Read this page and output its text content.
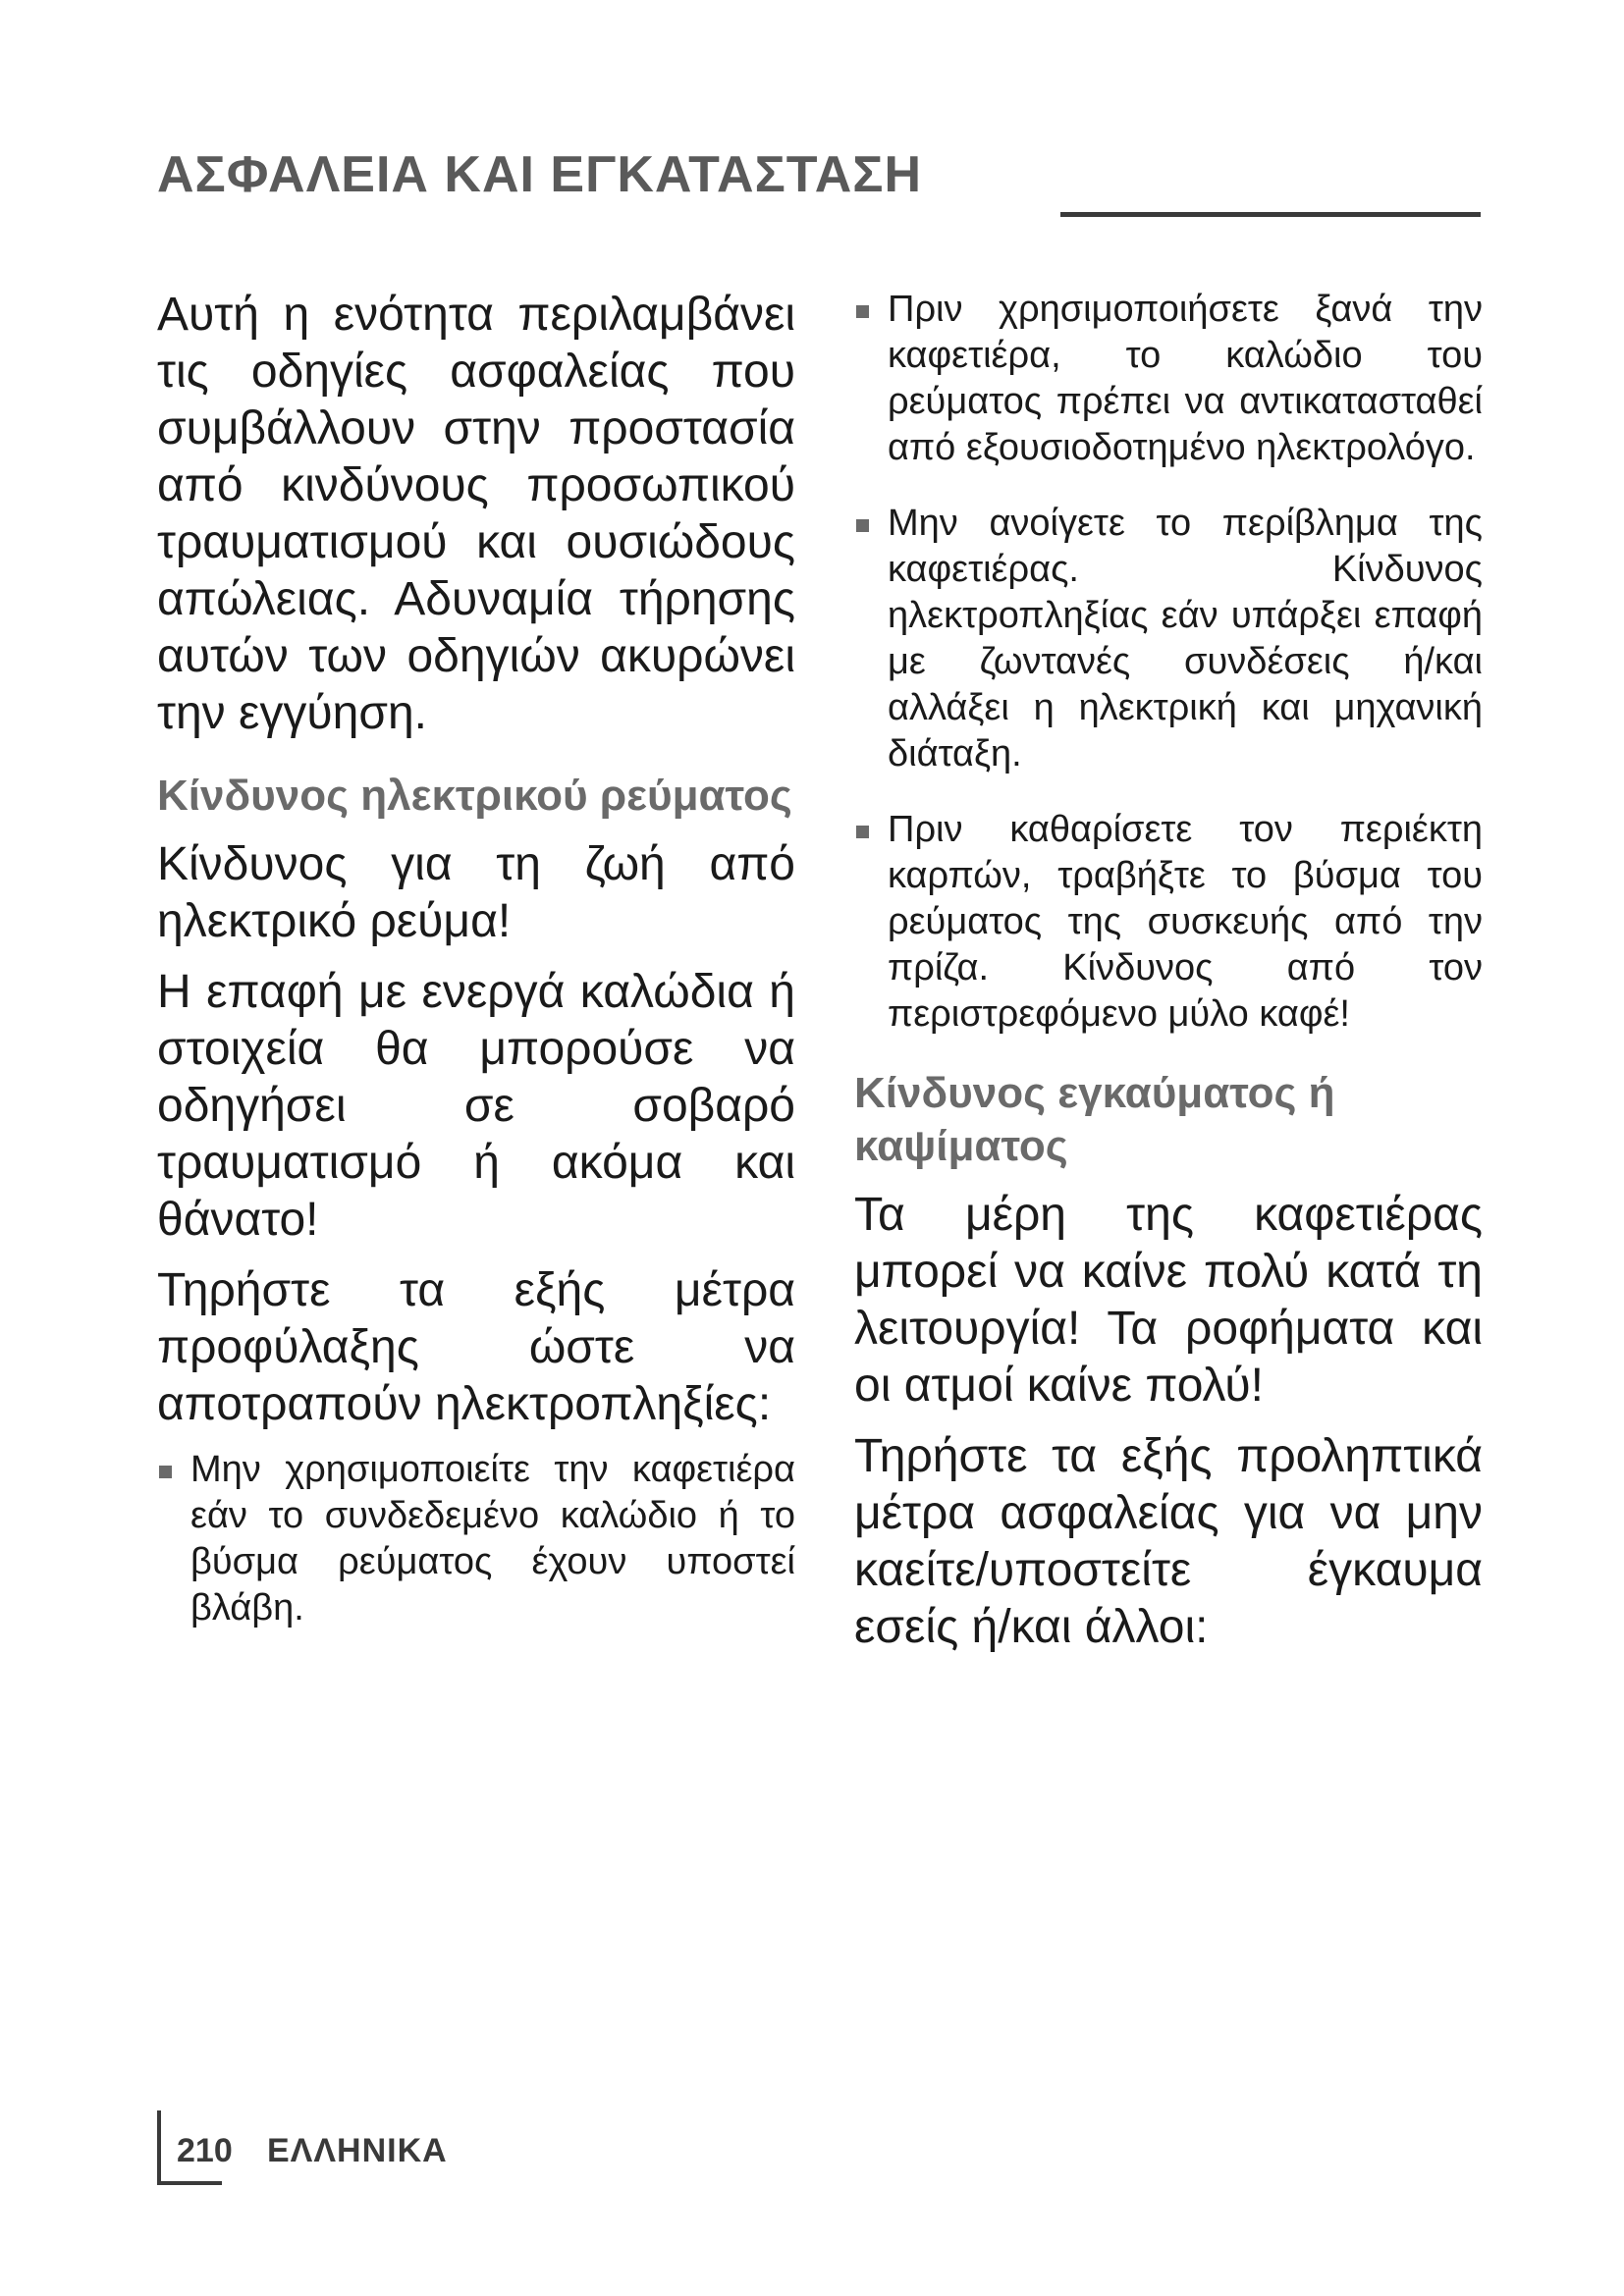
ΑΣΦΑΛΕΙΑ ΚΑΙ ΕΓΚΑΤΑΣΤΑΣΗ

Αυτή η ενότητα περιλαμβάνει τις οδηγίες ασφαλείας που συμβάλλουν στην προστασία από κινδύνους προσωπικού τραυματισμού και ουσιώδους απώλειας. Αδυναμία τήρησης αυτών των οδηγιών ακυρώνει την εγγύηση.

Κίνδυνος ηλεκτρικού ρεύματος

Κίνδυνος για τη ζωή από ηλεκτρικό ρεύμα!

Η επαφή με ενεργά καλώδια ή στοιχεία θα μπορούσε να οδηγήσει σε σοβαρό τραυματισμό ή ακόμα και θάνατο!

Τηρήστε τα εξής μέτρα προφύλαξης ώστε να αποτραπούν ηλεκτροπληξίες:

Μην χρησιμοποιείτε την καφετιέρα εάν το συνδεδεμένο καλώδιο ή το βύσμα ρεύματος έχουν υποστεί βλάβη.
Πριν χρησιμοποιήσετε ξανά την καφετιέρα, το καλώδιο του ρεύματος πρέπει να αντικατασταθεί από εξουσιοδοτημένο ηλεκτρολόγο.
Μην ανοίγετε το περίβλημα της καφετιέρας. Κίνδυνος ηλεκτροπληξίας εάν υπάρξει επαφή με ζωντανές συνδέσεις ή/και αλλάξει η ηλεκτρική και μηχανική διάταξη.
Πριν καθαρίσετε τον περιέκτη καρπών, τραβήξτε το βύσμα του ρεύματος της συσκευής από την πρίζα. Κίνδυνος από τον περιστρεφόμενο μύλο καφέ!
Κίνδυνος εγκαύματος ή καψίματος

Τα μέρη της καφετιέρας μπορεί να καίνε πολύ κατά τη λειτουργία! Τα ροφήματα και οι ατμοί καίνε πολύ!

Τηρήστε τα εξής προληπτικά μέτρα ασφαλείας για να μην καείτε/υποστείτε έγκαυμα εσείς ή/και άλλοι:

210 ΕΛΛΗΝΙΚΑ
